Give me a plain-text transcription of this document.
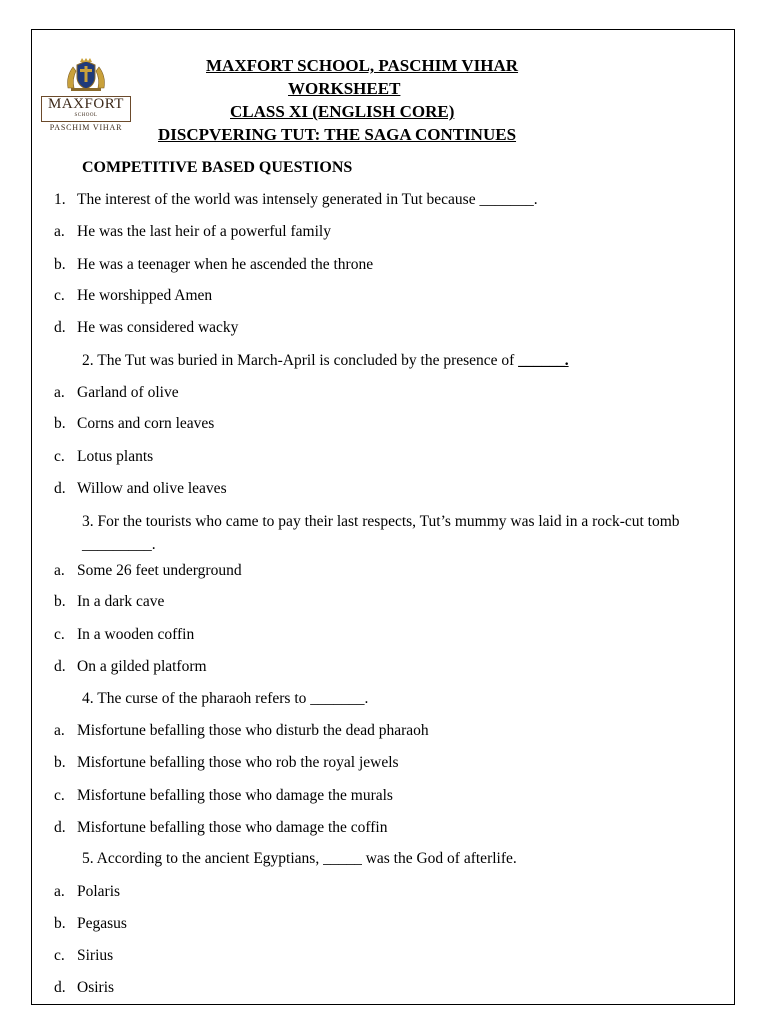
MAXFORT
SCHOOL
PASCHIM VIHAR
MAXFORT SCHOOL, PASCHIM VIHAR
WORKSHEET
CLASS XI (ENGLISH CORE)
DISCPVERING TUT: THE SAGA CONTINUES
COMPETITIVE BASED QUESTIONS
1. The interest of the world was intensely generated in Tut because _______.
a. He was the last heir of a powerful family
b. He was a teenager when he ascended the throne
c. He worshipped Amen
d. He was considered wacky
2. The Tut was buried in March-April is concluded by the presence of ______.
a. Garland of olive
b. Corns and corn leaves
c. Lotus plants
d. Willow and olive leaves
3. For the tourists who came to pay their last respects, Tut’s mummy was laid in a rock-cut tomb _________.
a. Some 26 feet underground
b. In a dark cave
c. In a wooden coffin
d. On a gilded platform
4. The curse of the pharaoh refers to _______.
a. Misfortune befalling those who disturb the dead pharaoh
b. Misfortune befalling those who rob the royal jewels
c. Misfortune befalling those who damage the murals
d. Misfortune befalling those who damage the coffin
5. According to the ancient Egyptians, _____ was the God of afterlife.
a. Polaris
b. Pegasus
c. Sirius
d. Osiris
